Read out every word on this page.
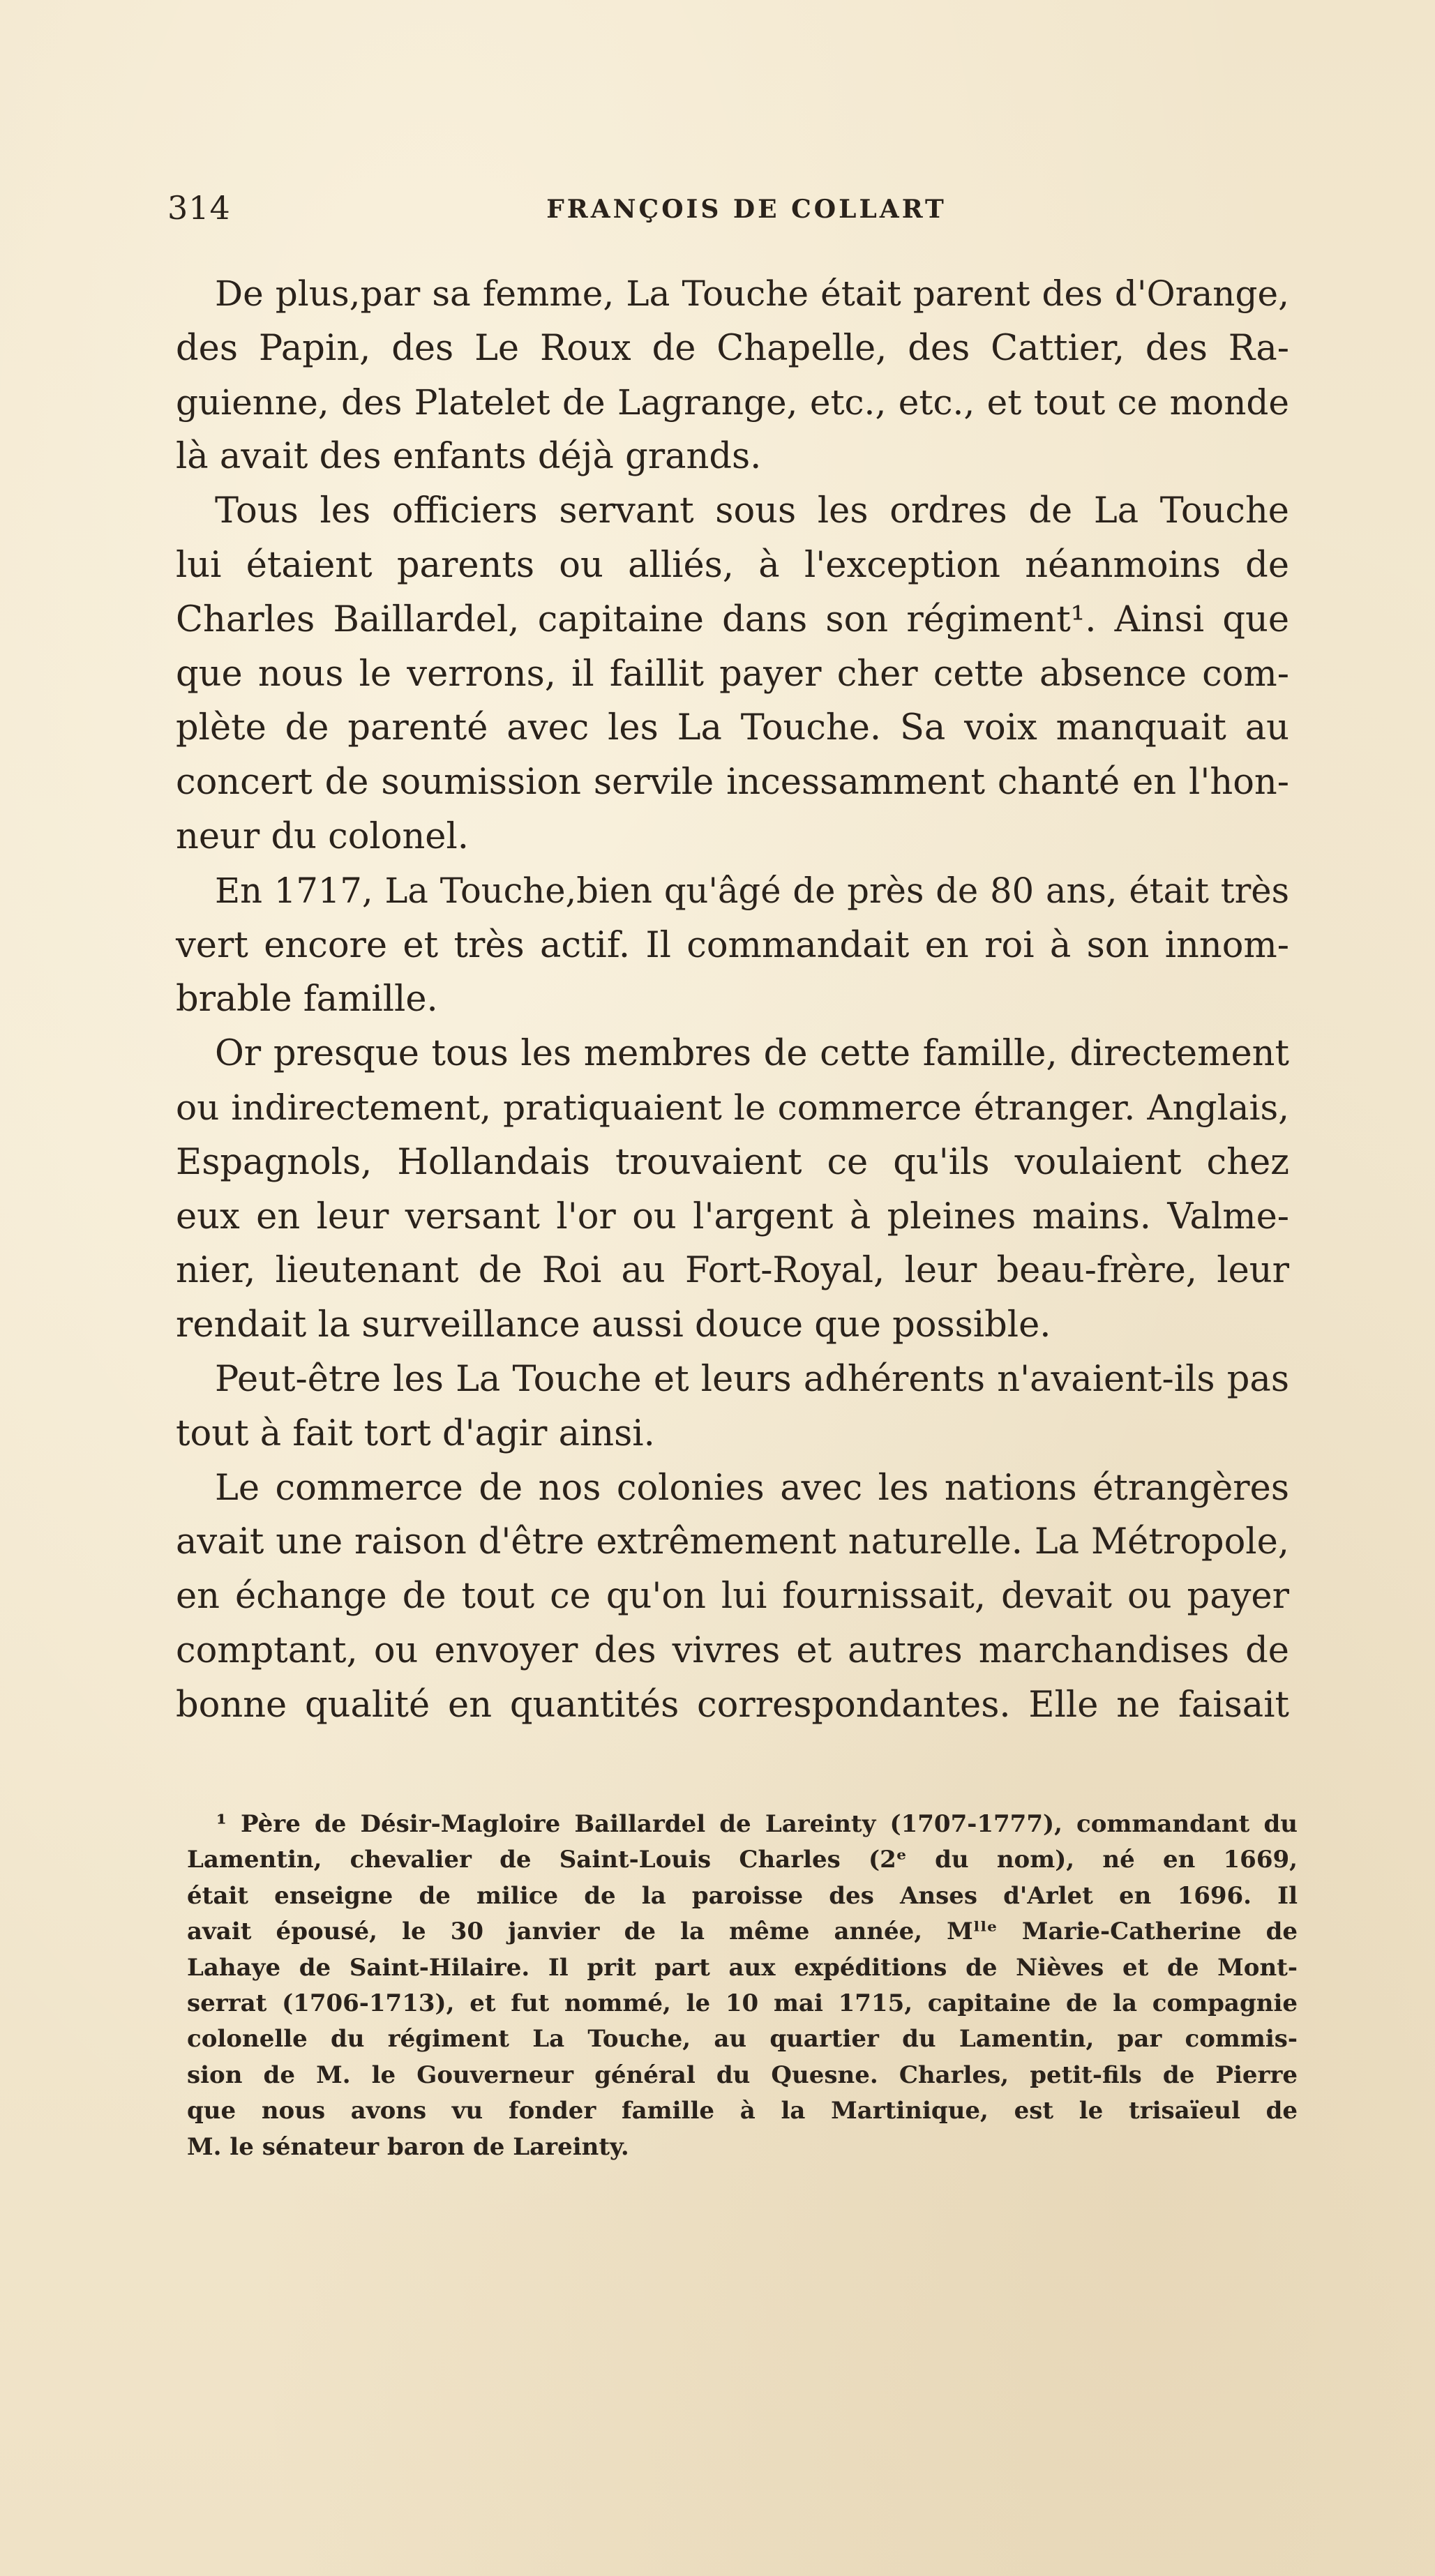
314	FRANÇOIS DE COLLART
De plus,par sa femme, La Touche était parent des d'Orange,
des Papin, des Le Roux de Chapelle, des Cattier, des Ra-
guienne, des Platelet de Lagrange, etc., etc., et tout ce monde
là avait des enfants déjà grands.
Tous les officiers servant sous les ordres de La Touche
lui étaient parents ou alliés, à l'exception néanmoins de
Charles Baillardel, capitaine dans son régiment¹. Ainsi que
que nous le verrons, il faillit payer cher cette absence com-
plète de parenté avec les La Touche. Sa voix manquait au
concert de soumission servile incessamment chanté en l'hon-
neur du colonel.
En 1717, La Touche,bien qu'âgé de près de 80 ans, était très
vert encore et très actif. Il commandait en roi à son innom-
brable famille.
Or presque tous les membres de cette famille, directement
ou indirectement, pratiquaient le commerce étranger. Anglais,
Espagnols, Hollandais trouvaient ce qu'ils voulaient chez
eux en leur versant l'or ou l'argent à pleines mains. Valme-
nier, lieutenant de Roi au Fort-Royal, leur beau-frère, leur
rendait la surveillance aussi douce que possible.
Peut-être les La Touche et leurs adhérents n'avaient-ils pas
tout à fait tort d'agir ainsi.
Le commerce de nos colonies avec les nations étrangères
avait une raison d'être extrêmement naturelle. La Métropole,
en échange de tout ce qu'on lui fournissait, devait ou payer
comptant, ou envoyer des vivres et autres marchandises de
bonne qualité en quantités correspondantes. Elle ne faisait
¹ Père de Désir-Magloire Baillardel de Lareinty (1707-1777), commandant du
Lamentin, chevalier de Saint-Louis Charles (2ᵉ du nom), né en 1669,
était enseigne de milice de la paroisse des Anses d'Arlet en 1696. Il
avait épousé, le 30 janvier de la même année, Mˡˡᵉ Marie-Catherine de
Lahaye de Saint-Hilaire. Il prit part aux expéditions de Nièves et de Mont-
serrat (1706-1713), et fut nommé, le 10 mai 1715, capitaine de la compagnie
colonelle du régiment La Touche, au quartier du Lamentin, par commis-
sion de M. le Gouverneur général du Quesne. Charles, petit-fils de Pierre
que nous avons vu fonder famille à la Martinique, est le trisaïeul de
M. le sénateur baron de Lareinty.
